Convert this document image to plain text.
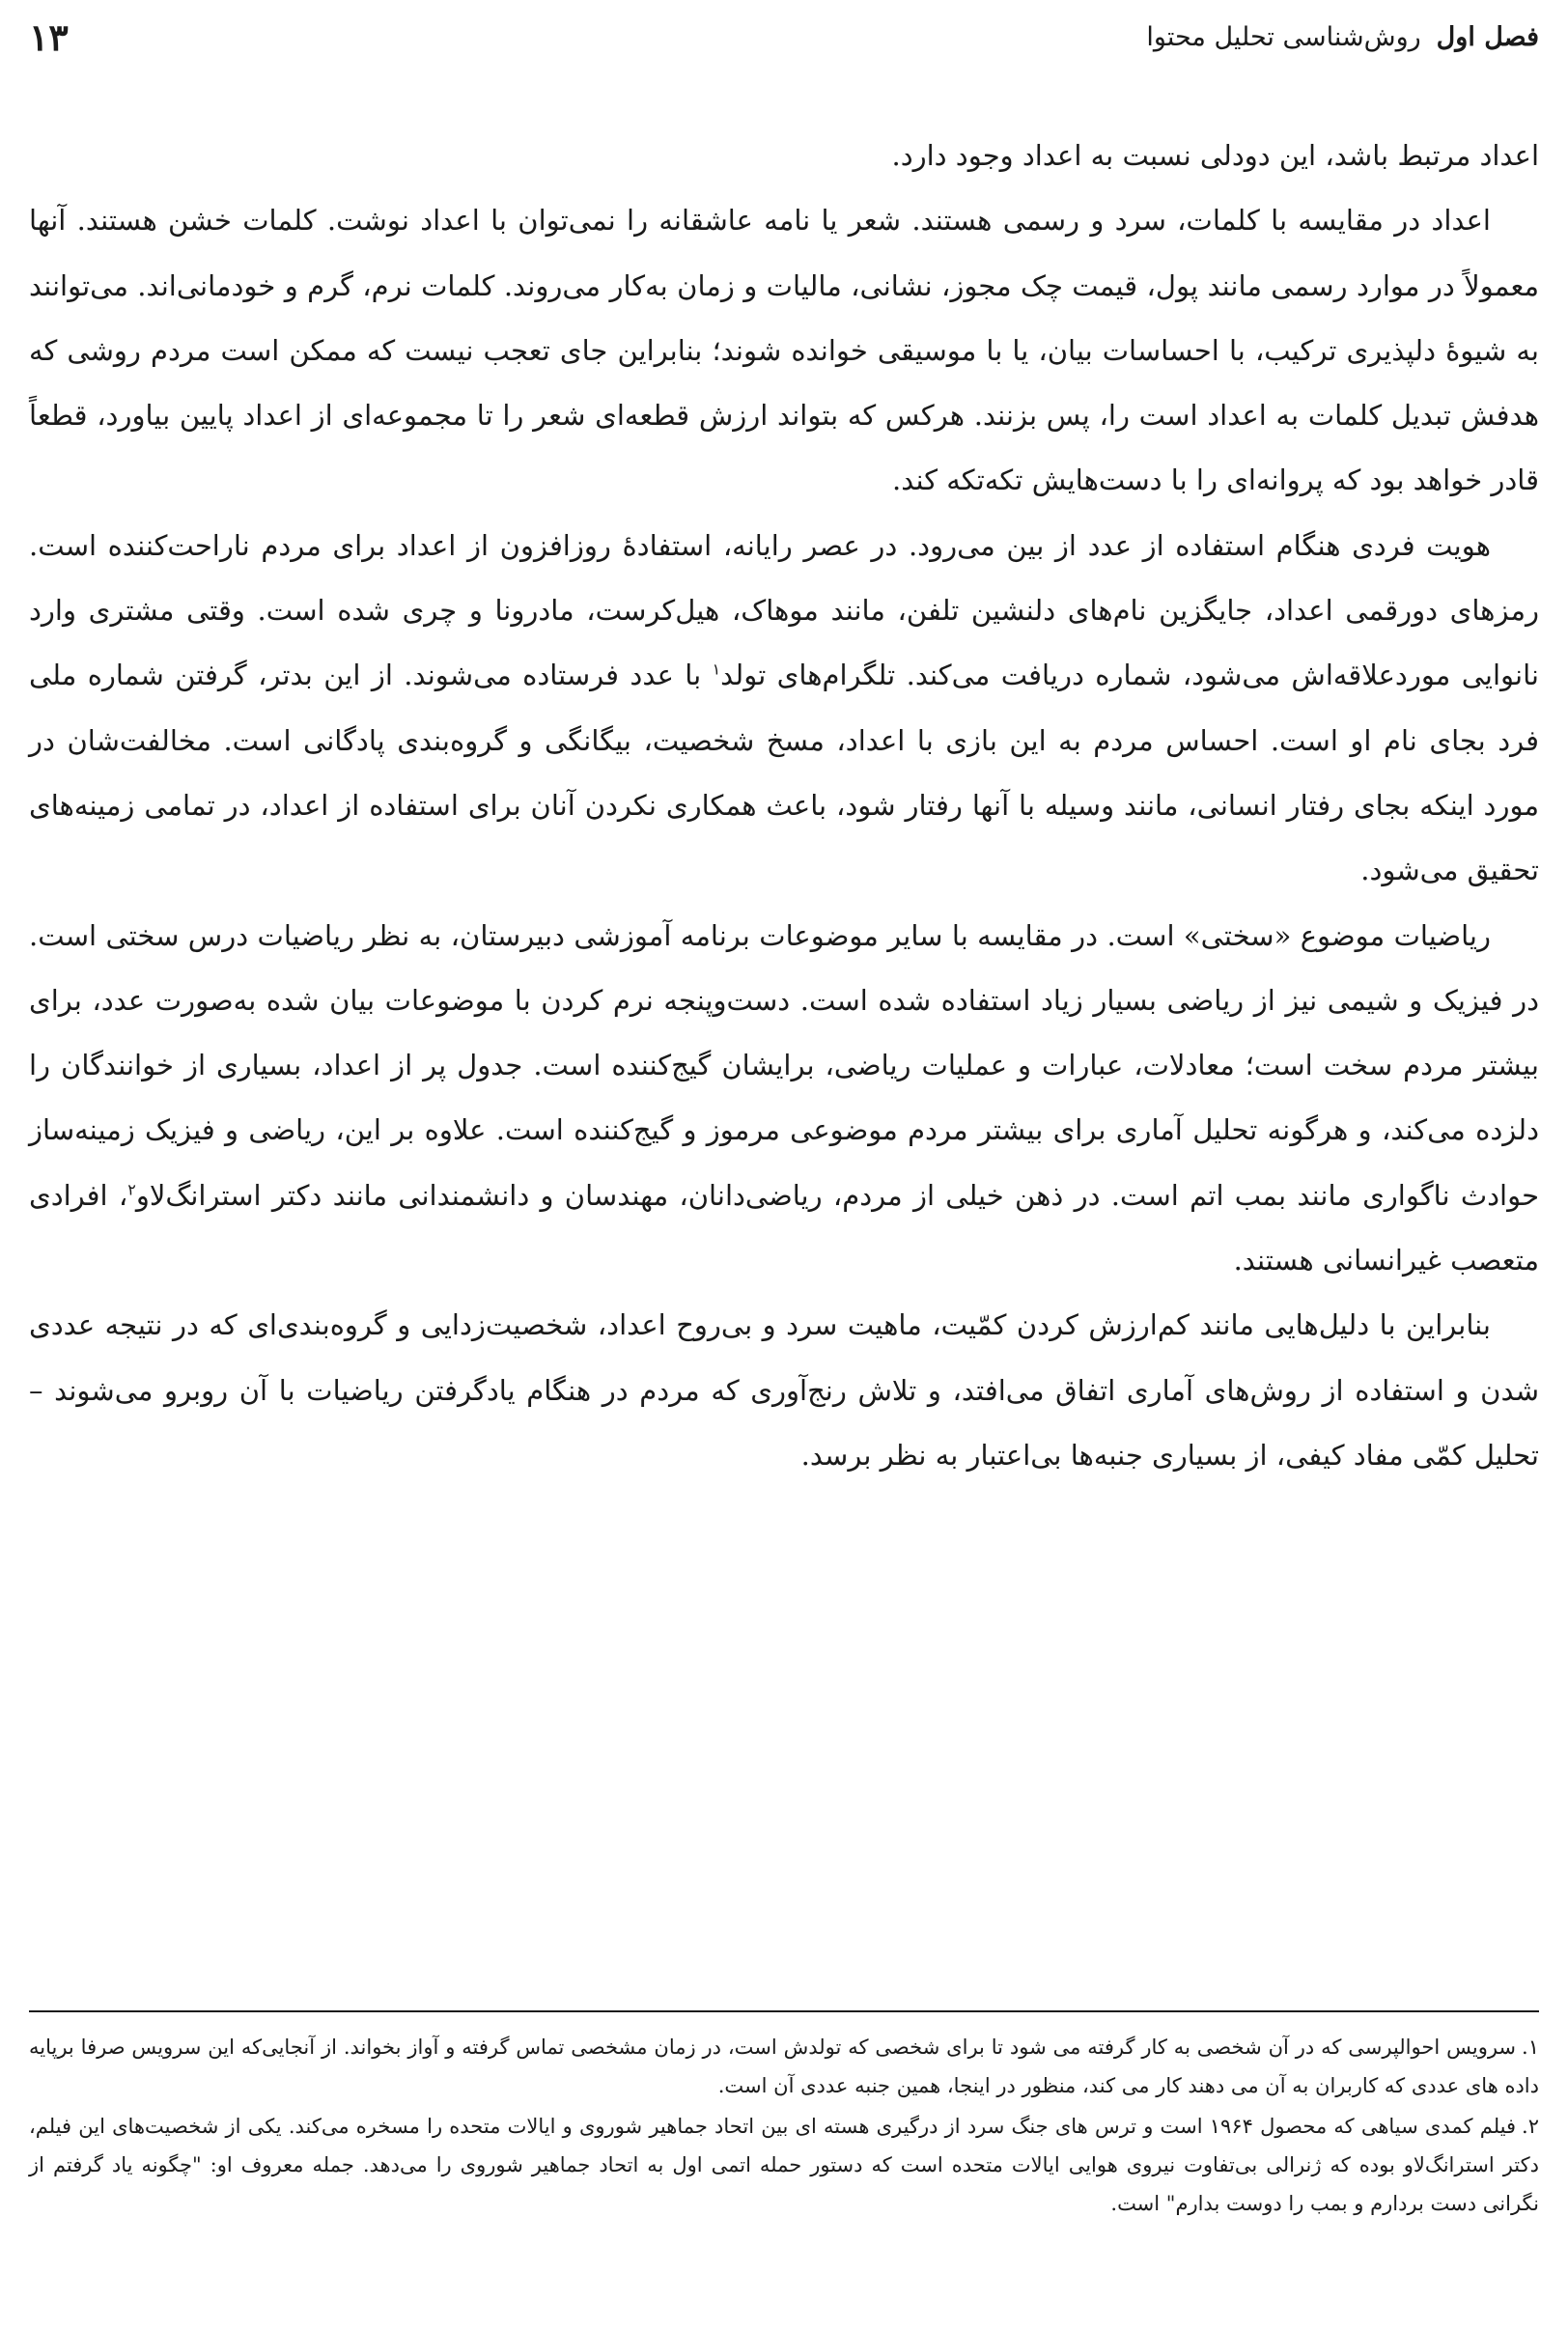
فصل اول
روش‌شناسی تحلیل محتوا
۱۳

اعداد مرتبط باشد، این دودلی نسبت به اعداد وجود دارد.

اعداد در مقایسه با کلمات، سرد و رسمی هستند. شعر یا نامه عاشقانه را نمی‌توان با اعداد نوشت. کلمات خشن هستند. آنها معمولاً در موارد رسمی مانند پول، قیمت چک مجوز، نشانی، مالیات و زمان به‌کار می‌روند. کلمات نرم، گرم و خودمانی‌اند. می‌توانند به شیوۀ دلپذیری ترکیب، با احساسات بیان، یا با موسیقی خوانده شوند؛ بنابراین جای تعجب نیست که ممکن است مردم روشی که هدفش تبدیل کلمات به اعداد است را، پس بزنند. هرکس که بتواند ارزش قطعه‌ای شعر را تا مجموعه‌ای از اعداد پایین بیاورد، قطعاً قادر خواهد بود که پروانه‌ای را با دست‌هایش تکه‌تکه کند.

هویت فردی هنگام استفاده از عدد از بین می‌رود. در عصر رایانه، استفادۀ روزافزون از اعداد برای مردم ناراحت‌کننده است. رمزهای دورقمی اعداد، جایگزین نام‌های دلنشین تلفن، مانند موهاک، هیل‌کرست، مادرونا و چری شده است. وقتی مشتری وارد نانوایی موردعلاقه‌اش می‌شود، شماره دریافت می‌کند. تلگرام‌های تولد$^۱$ با عدد فرستاده می‌شوند. از این بدتر، گرفتن شماره ملی فرد بجای نام او است. احساس مردم به این بازی با اعداد، مسخ شخصیت، بیگانگی و گروه‌بندی پادگانی است. مخالفت‌شان در مورد اینکه بجای رفتار انسانی، مانند وسیله با آنها رفتار شود، باعث همکاری نکردن آنان برای استفاده از اعداد، در تمامی زمینه‌های تحقیق می‌شود.

ریاضیات موضوع «سختی» است. در مقایسه با سایر موضوعات برنامه آموزشی دبیرستان، به نظر ریاضیات درس سختی است. در فیزیک و شیمی نیز از ریاضی بسیار زیاد استفاده شده است. دست‌وپنجه نرم کردن با موضوعات بیان شده به‌صورت عدد، برای بیشتر مردم سخت است؛ معادلات، عبارات و عملیات ریاضی، برایشان گیج‌کننده است. جدول پر از اعداد، بسیاری از خوانندگان را دلزده می‌کند، و هرگونه تحلیل آماری برای بیشتر مردم موضوعی مرموز و گیج‌کننده است. علاوه بر این، ریاضی و فیزیک زمینه‌ساز حوادث ناگواری مانند بمب اتم است. در ذهن خیلی از مردم، ریاضی‌دانان، مهندسان و دانشمندانی مانند دکتر استرانگ‌لاو$^۲$، افرادی متعصب غیرانسانی هستند.

بنابراین با دلیل‌هایی مانند کم‌ارزش کردن کمّیت، ماهیت سرد و بی‌روح اعداد، شخصیت‌زدایی و گروه‌بندی‌ای که در نتیجه عددی شدن و استفاده از روش‌های آماری اتفاق می‌افتد، و تلاش رنج‌آوری که مردم در هنگام یادگرفتن ریاضیات با آن روبرو می‌شوند – تحلیل کمّی مفاد کیفی، از بسیاری جنبه‌ها بی‌اعتبار به نظر برسد.

۱.سرویس احوالپرسی که در آن شخصی به کار گرفته می شود تا برای شخصی که تولدش است، در زمان مشخصی تماس گرفته و آواز بخواند. از آنجایی‌که این سرویس صرفا برپایه داده های عددی که کاربران به آن می دهند کار می کند، منظور در اینجا، همین جنبه عددی آن است.

۲.فیلم کمدی سیاهی که محصول ۱۹۶۴ است و ترس های جنگ سرد از درگیری هسته ای بین اتحاد جماهیر شوروی و ایالات متحده را مسخره می‌کند. یکی از شخصیت‌های این فیلم، دکتر استرانگ‌لاو بوده که ژنرالی بی‌تفاوت نیروی هوایی ایالات متحده است که دستور حمله اتمی اول به اتحاد جماهیر شوروی را می‌دهد. جمله معروف او: "چگونه یاد گرفتم از نگرانی دست بردارم و بمب را دوست بدارم" است.
